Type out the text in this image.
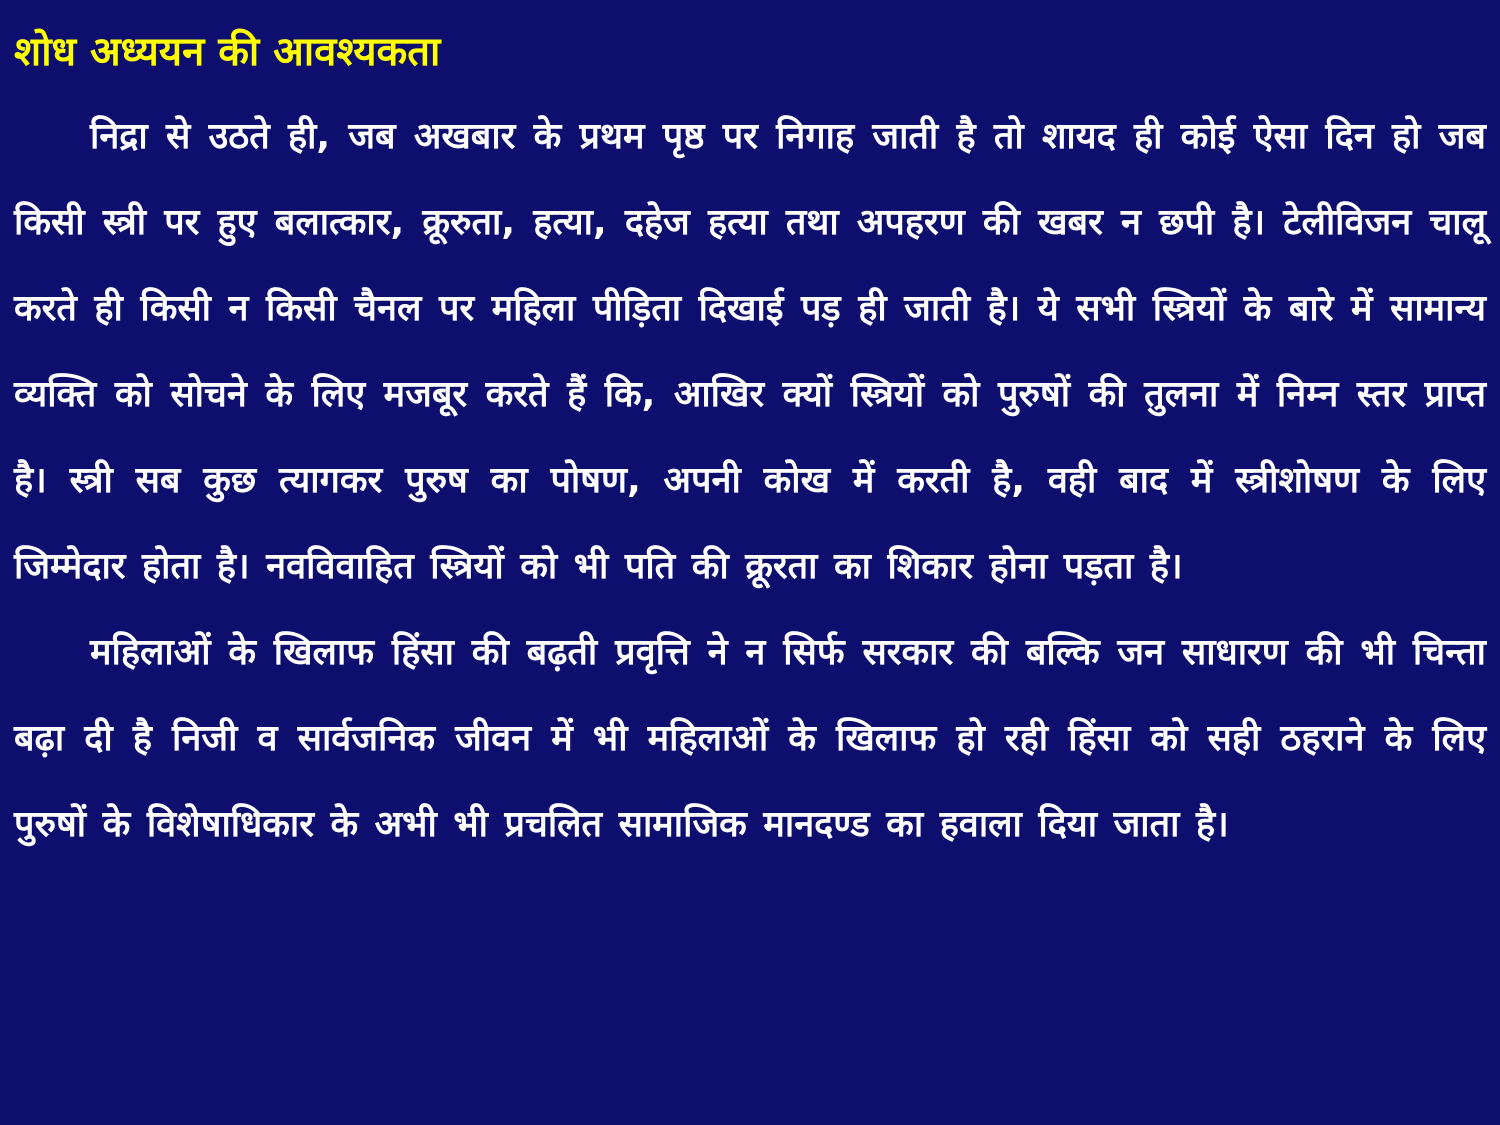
शोध अध्ययन की आवश्यकता

निद्रा से उठते ही, जब अखबार के प्रथम पृष्ठ पर निगाह जाती है तो शायद ही कोई ऐसा दिन हो जब किसी स्त्री पर हुए बलात्कार, क्रूरुता, हत्या, दहेज हत्या तथा अपहरण की खबर न छपी है। टेलीविजन चालू करते ही किसी न किसी चैनल पर महिला पीड़िता दिखाई पड़ ही जाती है। ये सभी स्त्रियों के बारे में सामान्य व्यक्ति को सोचने के लिए मजबूर करते हैं कि, आखिर क्यों स्त्रियों को पुरुषों की तुलना में निम्न स्तर प्राप्त है। स्त्री सब कुछ त्यागकर पुरुष का पोषण, अपनी कोख में करती है, वही बाद में स्त्रीशोषण के लिए जिम्मेदार होता है। नवविवाहित स्त्रियों को भी पति की क्रूरता का शिकार होना पड़ता है।

महिलाओं के खिलाफ हिंसा की बढ़ती प्रवृत्ति ने न सिर्फ सरकार की बल्कि जन साधारण की भी चिन्ता बढ़ा दी है निजी व सार्वजनिक जीवन में भी महिलाओं के खिलाफ हो रही हिंसा को सही ठहराने के लिए पुरुषों के विशेषाधिकार के अभी भी प्रचलित सामाजिक मानदण्ड का हवाला दिया जाता है।
